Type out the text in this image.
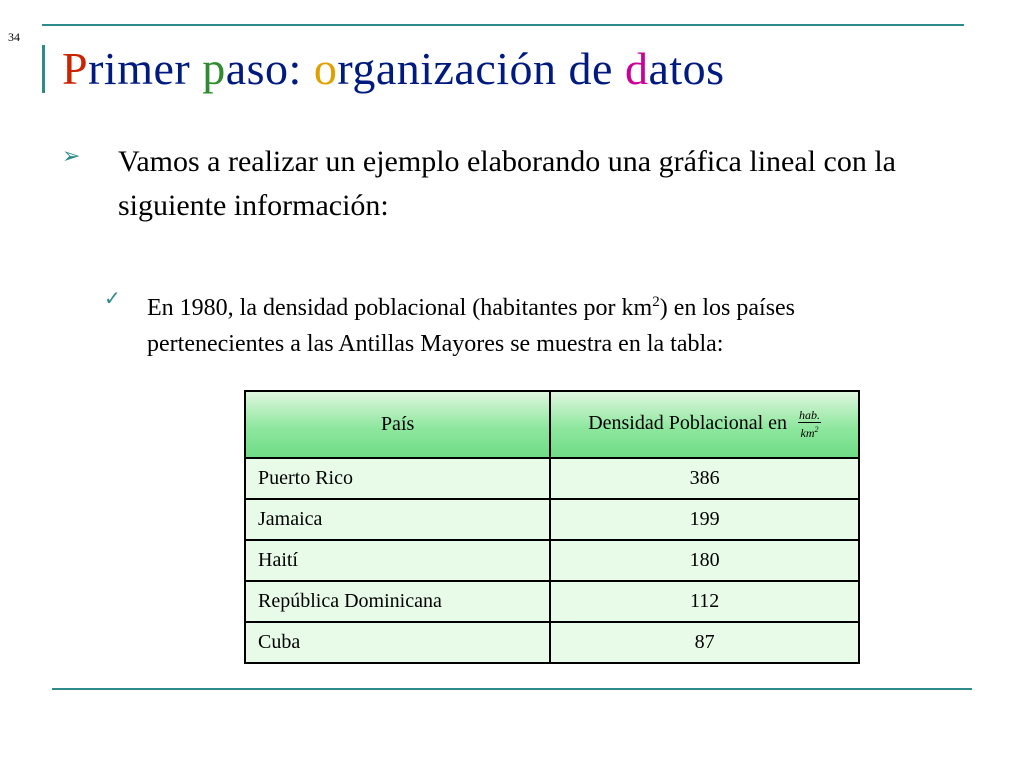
34
Primer paso: organización de datos
➢ Vamos a realizar un ejemplo elaborando una gráfica lineal con la siguiente información:
✓ En 1980, la densidad poblacional (habitantes por $km^2$) en los países pertenecientes a las Antillas Mayores se muestra en la tabla:
País	Densidad Poblacional en $\frac{\text{hab.}}{km^2}$

Puerto Rico	386
Jamaica	199
Haití	180
República Dominicana	112
Cuba	87
